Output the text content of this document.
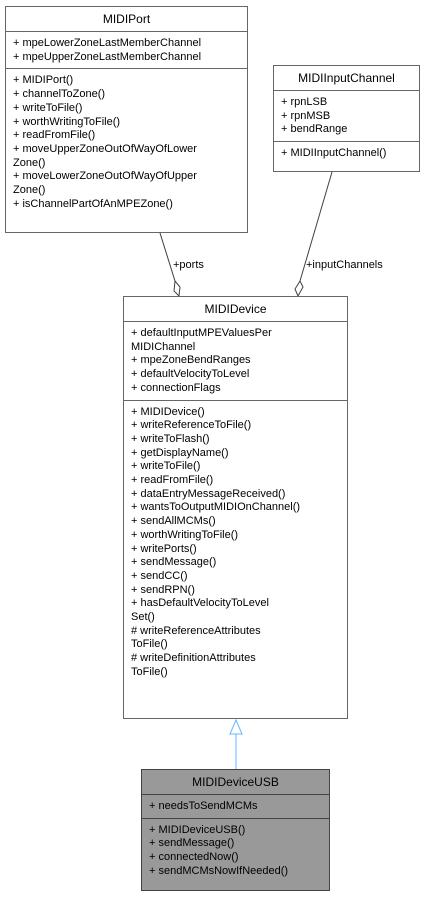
+ports	+inputChannels
MIDIPort
+ mpeLowerZoneLastMemberChannel
+ mpeUpperZoneLastMemberChannel
+ MIDIPort()
+ channelToZone()
+ writeToFile()
+ worthWritingToFile()
+ readFromFile()
+ moveUpperZoneOutOfWayOfLower
Zone()
+ moveLowerZoneOutOfWayOfUpper
Zone()
+ isChannelPartOfAnMPEZone()
MIDIInputChannel
+ rpnLSB
+ rpnMSB
+ bendRange
+ MIDIInputChannel()
MIDIDevice
+ defaultInputMPEValuesPer
MIDIChannel
+ mpeZoneBendRanges
+ defaultVelocityToLevel
+ connectionFlags
+ MIDIDevice()
+ writeReferenceToFile()
+ writeToFlash()
+ getDisplayName()
+ writeToFile()
+ readFromFile()
+ dataEntryMessageReceived()
+ wantsToOutputMIDIOnChannel()
+ sendAllMCMs()
+ worthWritingToFile()
+ writePorts()
+ sendMessage()
+ sendCC()
+ sendRPN()
+ hasDefaultVelocityToLevel
Set()
# writeReferenceAttributes
ToFile()
# writeDefinitionAttributes
ToFile()
MIDIDeviceUSB
+ needsToSendMCMs
+ MIDIDeviceUSB()
+ sendMessage()
+ connectedNow()
+ sendMCMsNowIfNeeded()
